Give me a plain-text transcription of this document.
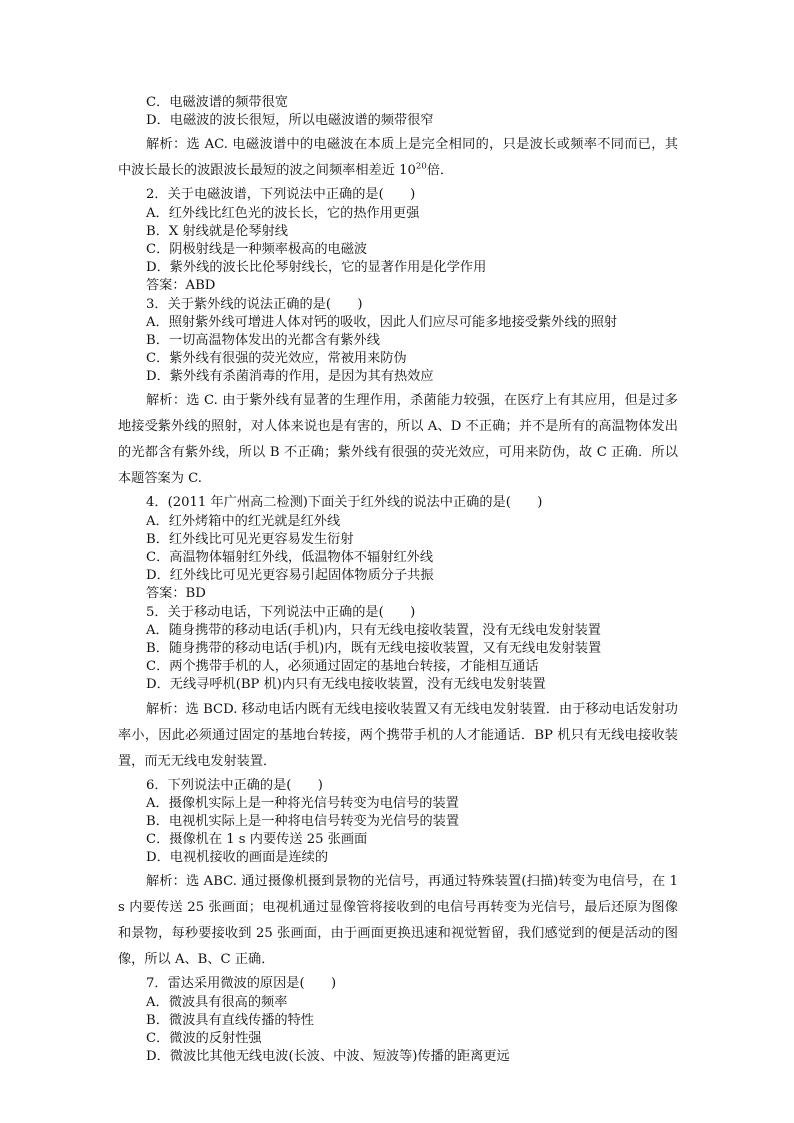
C．电磁波谱的频带很宽
D．电磁波的波长很短，所以电磁波谱的频带很窄
解析：选 AC. 电磁波谱中的电磁波在本质上是完全相同的，只是波长或频率不同而已，其中波长最长的波跟波长最短的波之间频率相差近 $10^{20}$倍．
2．关于电磁波谱，下列说法中正确的是(　　)
A．红外线比红色光的波长长，它的热作用更强
B．X 射线就是伦琴射线
C．阴极射线是一种频率极高的电磁波
D．紫外线的波长比伦琴射线长，它的显著作用是化学作用
答案：ABD
3．关于紫外线的说法正确的是(　　)
A．照射紫外线可增进人体对钙的吸收，因此人们应尽可能多地接受紫外线的照射
B．一切高温物体发出的光都含有紫外线
C．紫外线有很强的荧光效应，常被用来防伪
D．紫外线有杀菌消毒的作用，是因为其有热效应
解析：选 C. 由于紫外线有显著的生理作用，杀菌能力较强，在医疗上有其应用，但是过多地接受紫外线的照射，对人体来说也是有害的，所以 A、D 不正确；并不是所有的高温物体发出的光都含有紫外线，所以 B 不正确；紫外线有很强的荧光效应，可用来防伪，故 C 正确．所以本题答案为 C.
4．(2011 年广州高二检测)下面关于红外线的说法中正确的是(　　)
A．红外烤箱中的红光就是红外线
B．红外线比可见光更容易发生衍射
C．高温物体辐射红外线，低温物体不辐射红外线
D．红外线比可见光更容易引起固体物质分子共振
答案：BD
5．关于移动电话，下列说法中正确的是(　　)
A．随身携带的移动电话(手机)内，只有无线电接收装置，没有无线电发射装置
B．随身携带的移动电话(手机)内，既有无线电接收装置，又有无线电发射装置
C．两个携带手机的人，必须通过固定的基地台转接，才能相互通话
D．无线寻呼机(BP 机)内只有无线电接收装置，没有无线电发射装置
解析：选 BCD. 移动电话内既有无线电接收装置又有无线电发射装置．由于移动电话发射功率小，因此必须通过固定的基地台转接，两个携带手机的人才能通话．BP 机只有无线电接收装置，而无无线电发射装置．
6．下列说法中正确的是(　　)
A．摄像机实际上是一种将光信号转变为电信号的装置
B．电视机实际上是一种将电信号转变为光信号的装置
C．摄像机在 1 s 内要传送 25 张画面
D．电视机接收的画面是连续的
解析：选 ABC. 通过摄像机摄到景物的光信号，再通过特殊装置(扫描)转变为电信号，在 1 s 内要传送 25 张画面；电视机通过显像管将接收到的电信号再转变为光信号，最后还原为图像和景物，每秒要接收到 25 张画面，由于画面更换迅速和视觉暂留，我们感觉到的便是活动的图像，所以 A、B、C 正确．
7．雷达采用微波的原因是(　　)
A．微波具有很高的频率
B．微波具有直线传播的特性
C．微波的反射性强
D．微波比其他无线电波(长波、中波、短波等)传播的距离更远
